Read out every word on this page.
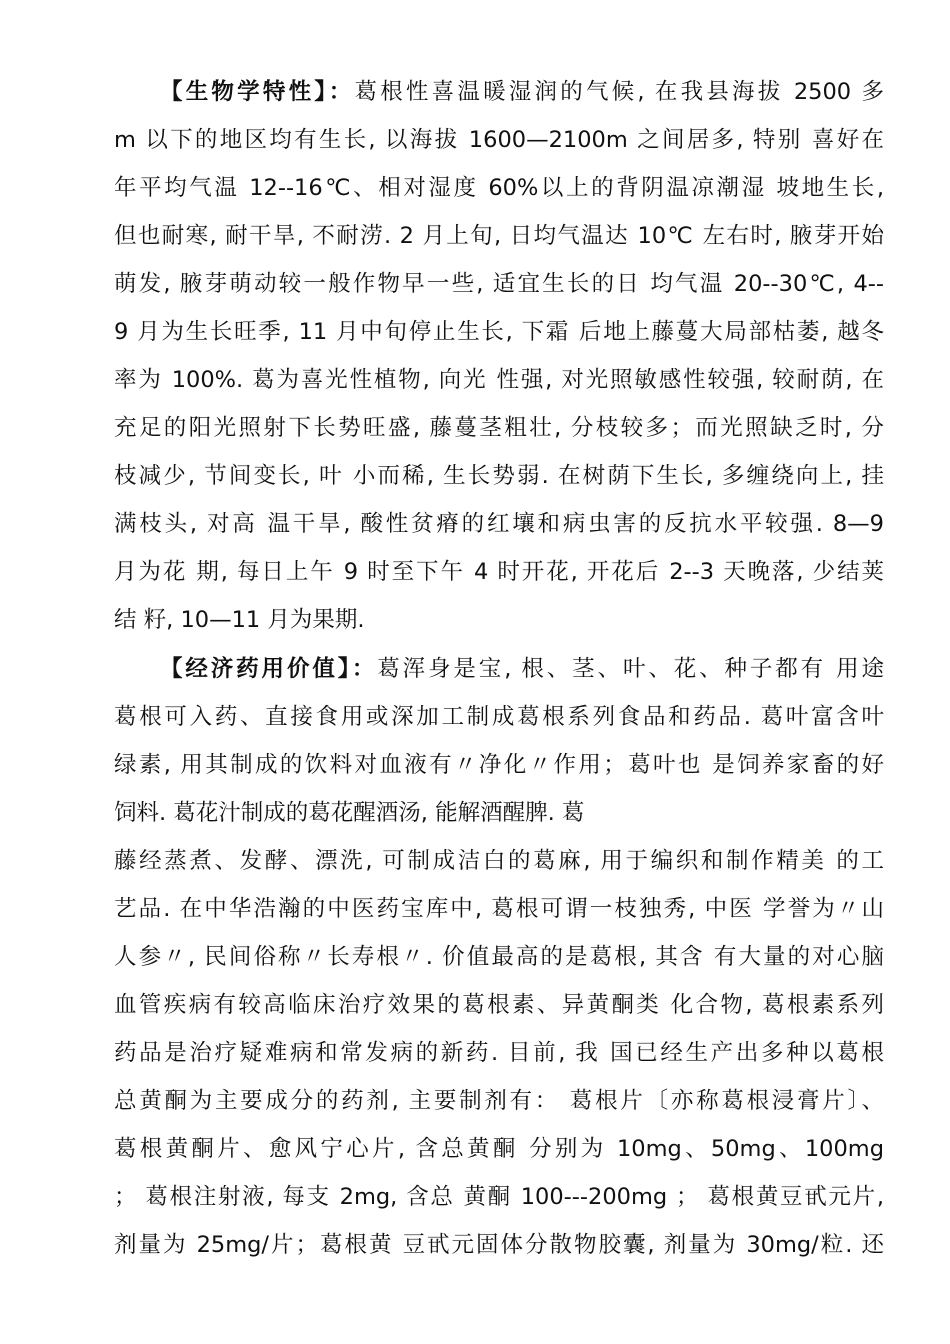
【生物学特性】：葛根性喜温暖湿润的气候, 在我县海拔 2500 多
m 以下的地区均有生长, 以海拔 1600—2100m 之间居多, 特别 喜好在
年平均气温 12--16℃、相对湿度 60%以上的背阴温凉潮湿 坡地生长,
但也耐寒, 耐干旱, 不耐涝. 2 月上旬, 日均气温达 10℃ 左右时, 腋芽开始
萌发, 腋芽萌动较一般作物早一些, 适宜生长的日 均气温 20--30℃, 4--
9 月为生长旺季, 11 月中旬停止生长, 下霜 后地上藤蔓大局部枯萎, 越冬
率为 100%. 葛为喜光性植物, 向光 性强, 对光照敏感性较强, 较耐荫, 在
充足的阳光照射下长势旺盛, 藤蔓茎粗壮, 分枝较多；而光照缺乏时, 分
枝减少, 节间变长, 叶 小而稀, 生长势弱. 在树荫下生长, 多缠绕向上, 挂
满枝头, 对高 温干旱, 酸性贫瘠的红壤和病虫害的反抗水平较强. 8—9
月为花 期, 每日上午 9 时至下午 4 时开花, 开花后 2--3 天晚落, 少结荚
结 籽, 10—11 月为果期.
【经济药用价值】：葛浑身是宝, 根、茎、叶、花、种子都有 用途
葛根可入药、直接食用或深加工制成葛根系列食品和药品. 葛叶富含叶
绿素, 用其制成的饮料对血液有〃净化〃作用；葛叶也 是饲养家畜的好
饲料. 葛花汁制成的葛花醒酒汤, 能解酒醒脾. 葛
藤经蒸煮、发酵、漂洗, 可制成洁白的葛麻, 用于编织和制作精美 的工
艺品. 在中华浩瀚的中医药宝库中, 葛根可谓一枝独秀, 中医 学誉为〃山
人参〃, 民间俗称〃长寿根〃. 价值最高的是葛根, 其含 有大量的对心脑
血管疾病有较高临床治疗效果的葛根素、异黄酮类 化合物, 葛根素系列
药品是治疗疑难病和常发病的新药. 目前, 我 国已经生产出多种以葛根
总黄酮为主要成分的药剂, 主要制剂有： 葛根片〔亦称葛根浸膏片〕、
葛根黄酮片、愈风宁心片, 含总黄酮 分别为 10mg、50mg、100mg
； 葛根注射液, 每支 2mg, 含总 黄酮 100---200mg ； 葛根黄豆甙元片,
剂量为 25mg/片；葛根黄 豆甙元固体分散物胶囊, 剂量为 30mg/粒. 还
